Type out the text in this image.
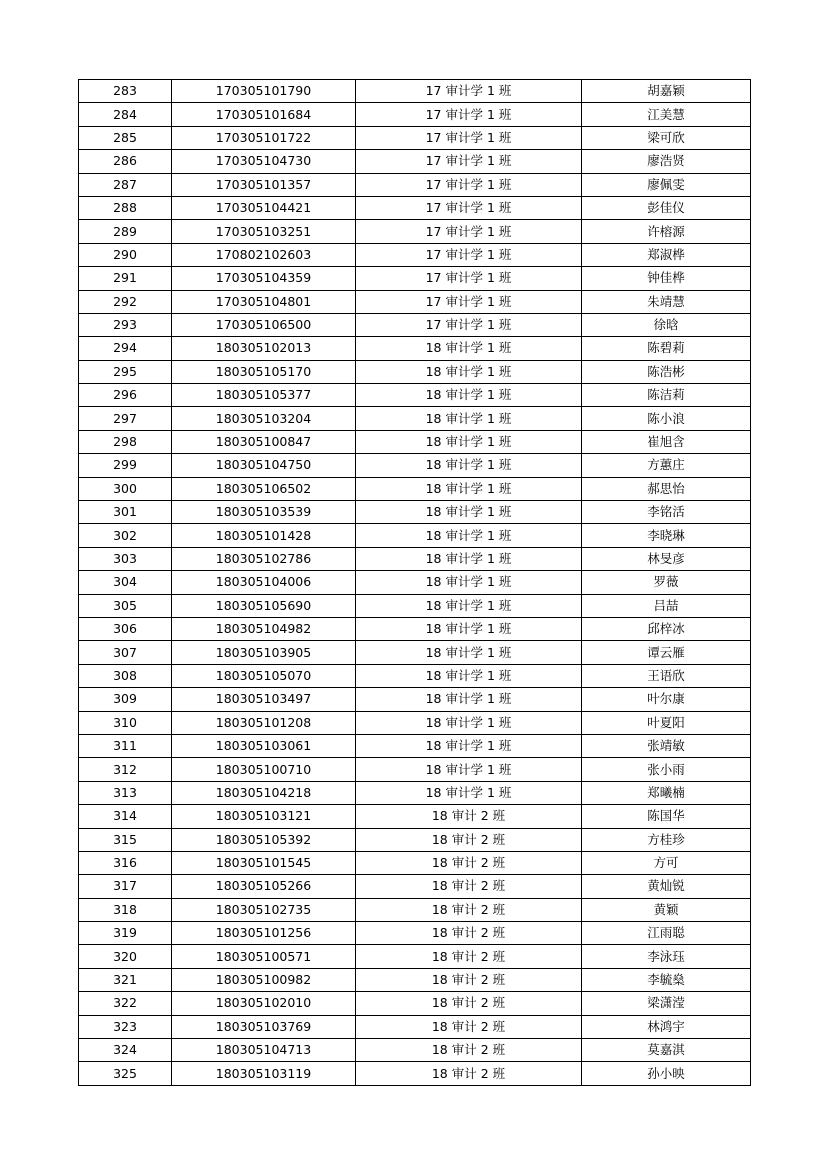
283	170305101790	17 审计学 1 班	胡嘉颖
284	170305101684	17 审计学 1 班	江美慧
285	170305101722	17 审计学 1 班	梁可欣
286	170305104730	17 审计学 1 班	廖浩贤
287	170305101357	17 审计学 1 班	廖佩雯
288	170305104421	17 审计学 1 班	彭佳仪
289	170305103251	17 审计学 1 班	许榕源
290	170802102603	17 审计学 1 班	郑淑桦
291	170305104359	17 审计学 1 班	钟佳桦
292	170305104801	17 审计学 1 班	朱靖慧
293	170305106500	17 审计学 1 班	徐晗
294	180305102013	18 审计学 1 班	陈碧莉
295	180305105170	18 审计学 1 班	陈浩彬
296	180305105377	18 审计学 1 班	陈洁莉
297	180305103204	18 审计学 1 班	陈小浪
298	180305100847	18 审计学 1 班	崔旭含
299	180305104750	18 审计学 1 班	方蕙庄
300	180305106502	18 审计学 1 班	郝思怡
301	180305103539	18 审计学 1 班	李铭活
302	180305101428	18 审计学 1 班	李晓琳
303	180305102786	18 审计学 1 班	林旻彦
304	180305104006	18 审计学 1 班	罗薇
305	180305105690	18 审计学 1 班	吕喆
306	180305104982	18 审计学 1 班	邱梓冰
307	180305103905	18 审计学 1 班	谭云雁
308	180305105070	18 审计学 1 班	王语欣
309	180305103497	18 审计学 1 班	叶尔康
310	180305101208	18 审计学 1 班	叶夏阳
311	180305103061	18 审计学 1 班	张靖敏
312	180305100710	18 审计学 1 班	张小雨
313	180305104218	18 审计学 1 班	郑曦楠
314	180305103121	18 审计 2 班	陈国华
315	180305105392	18 审计 2 班	方桂珍
316	180305101545	18 审计 2 班	方可
317	180305105266	18 审计 2 班	黄灿锐
318	180305102735	18 审计 2 班	黄颖
319	180305101256	18 审计 2 班	江雨聪
320	180305100571	18 审计 2 班	李泳珏
321	180305100982	18 审计 2 班	李毓燊
322	180305102010	18 审计 2 班	梁潇滢
323	180305103769	18 审计 2 班	林鸿宇
324	180305104713	18 审计 2 班	莫嘉淇
325	180305103119	18 审计 2 班	孙小映
